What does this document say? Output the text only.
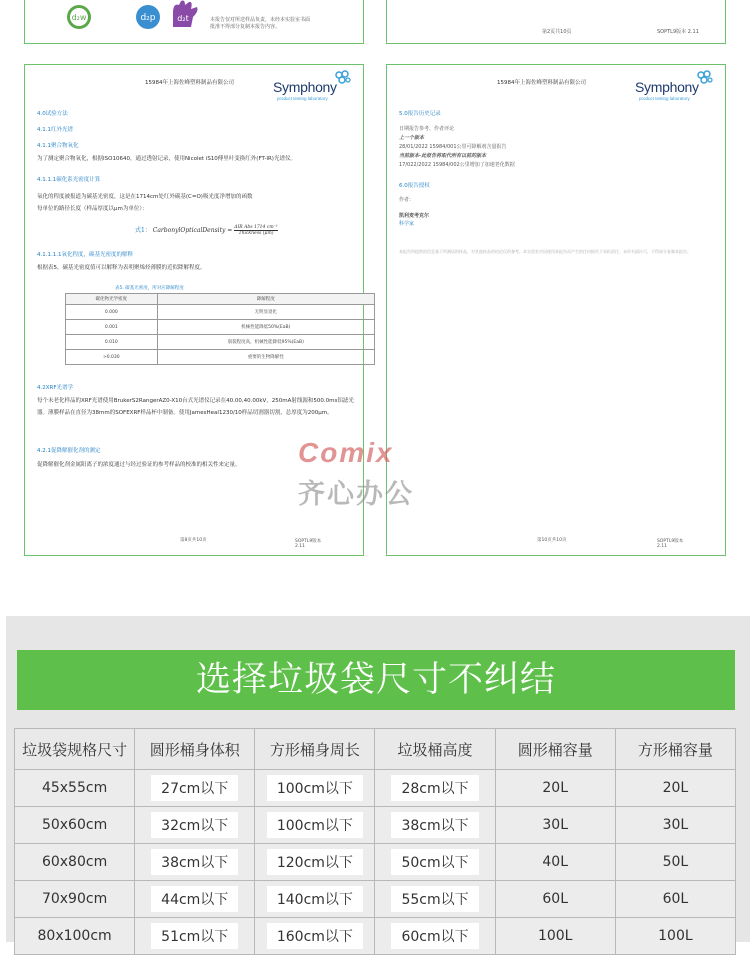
d₂w	d₂p	d₂t	本报告仅对所送样品负责，未经本实验室书面
批准不得部分复制本报告内容。
第2页共10页	SOPTL9版本 2.11
15984年上海佐峰塑料制品有限公司	Symphony
product testing laboratory
4.0试验方法
4.1.1红外光谱
4.1.1聚合物氧化
为了测定聚合物氧化，根据ISO10640，通过透射记录，使用Nicolet iS10傅里叶变换红外(FT-IR)光谱仪。
4.1.1.1碳化系光密度计算
氧化的程度被报道为碳基光密度，这是在1714cm处红外碳基(C=O)吸光度净增加的函数
每单位的路径长度（样品厚度以μm为单位）：
式1： CarbonylOpticalDensity = ΔIR Abs 1714 cm⁻¹
Thickness (μm)
4.1.1.1.1氧化程度，碳基光密度的解释
根据表5，碳基光密度值可以解释为表明聚烯烃薄膜的近似降解程度。
表5. 碳基光密度，所对应降解程度
碳化物光学密度	降解程度
0.000	无明显退化
0.001	机械性能降低50%(EaB)
0.010	崩裂程度高，机械性能降低95%(EaB)
>0.030	重要的生物降解性
4.2XRF光谱学
每个未老化样品的XRF光谱使用BrukerS2RangerAZ0-X10台式光谱仪记录在40.00,40.00kV，250mA射线源和500.0ms铝滤光器。薄膜样品在直径为38mm的SOFEXRF样品杯中制备。使用JamesHeal1230/10样品切割器切割，总厚度为200μm。
4.2.1促降解催化剂的测定
促降解催化剂金属阳离子的浓度通过与经过验证的参考样品的校准的相关性来定量。
第8页共10页	SOPTL9版本
2.11
15984年上海佐峰塑料制品有限公司	Symphony
product testing laboratory
5.0报告历史记录
日期报告参考、作者评论
上一个版本
28/01/2022 15984/001公里可降解剂含量报告
当前版本-此报告将取代所有以前的版本
17/022/2022 15984/002公里增加了加速老化数据
6.0报告授权
作者：
凯利麦考克尔
科学家
本报告所提供的信息基于所测试的样品，对其他样品的结论仅供参考。本实验室对因使用本报告而产生的任何损失不承担责任。未经书面许可，不得部分复制本报告。
第10页共10页	SOPTL9版本
2.11
Comix
齐心办公
选择垃圾袋尺寸不纠结
垃圾袋规格尺寸	圆形桶身体积	方形桶身周长	垃圾桶高度	圆形桶容量	方形桶容量
45x55cm	27cm以下	100cm以下	28cm以下	20L	20L
50x60cm	32cm以下	100cm以下	38cm以下	30L	30L
60x80cm	38cm以下	120cm以下	50cm以下	40L	50L
70x90cm	44cm以下	140cm以下	55cm以下	60L	60L
80x100cm	51cm以下	160cm以下	60cm以下	100L	100L
